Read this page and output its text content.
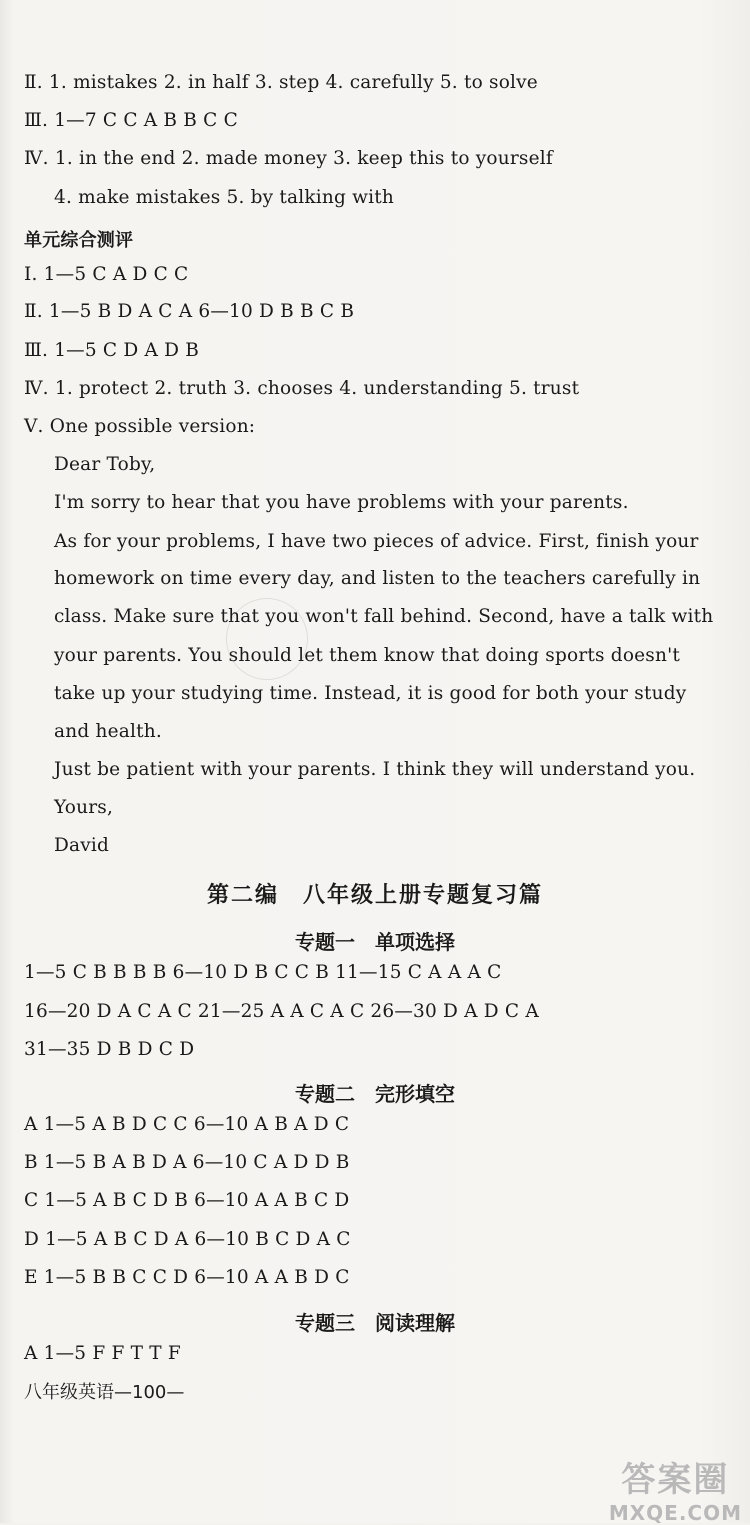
Ⅱ. 1. mistakes 2. in half 3. step 4. carefully 5. to solve
Ⅲ. 1—7 C C A B B C C
Ⅳ. 1. in the end 2. made money 3. keep this to yourself
4. make mistakes 5. by talking with
单元综合测评
Ⅰ. 1—5 C A D C C
Ⅱ. 1—5 B D A C A 6—10 D B B C B
Ⅲ. 1—5 C D A D B
Ⅳ. 1. protect 2. truth 3. chooses 4. understanding 5. trust
Ⅴ. One possible version:
Dear Toby,
I'm sorry to hear that you have problems with your parents.
As for your problems, I have two pieces of advice. First, finish your
homework on time every day, and listen to the teachers carefully in
class. Make sure that you won't fall behind. Second, have a talk with
your parents. You should let them know that doing sports doesn't
take up your studying time. Instead, it is good for both your study
and health.
Just be patient with your parents. I think they will understand you.
Yours,
David
第二编　八年级上册专题复习篇
专题一　单项选择
1—5 C B B B B 6—10 D B C C B 11—15 C A A A C
16—20 D A C A C 21—25 A A C A C 26—30 D A D C A
31—35 D B D C D
专题二　完形填空
A 1—5 A B D C C 6—10 A B A D C
B 1—5 B A B D A 6—10 C A D D B
C 1—5 A B C D B 6—10 A A B C D
D 1—5 A B C D A 6—10 B C D A C
E 1—5 B B C C D 6—10 A A B D C
专题三　阅读理解
A 1—5 F F T T F
八年级英语—100—
答案圈
MXQE.COM
